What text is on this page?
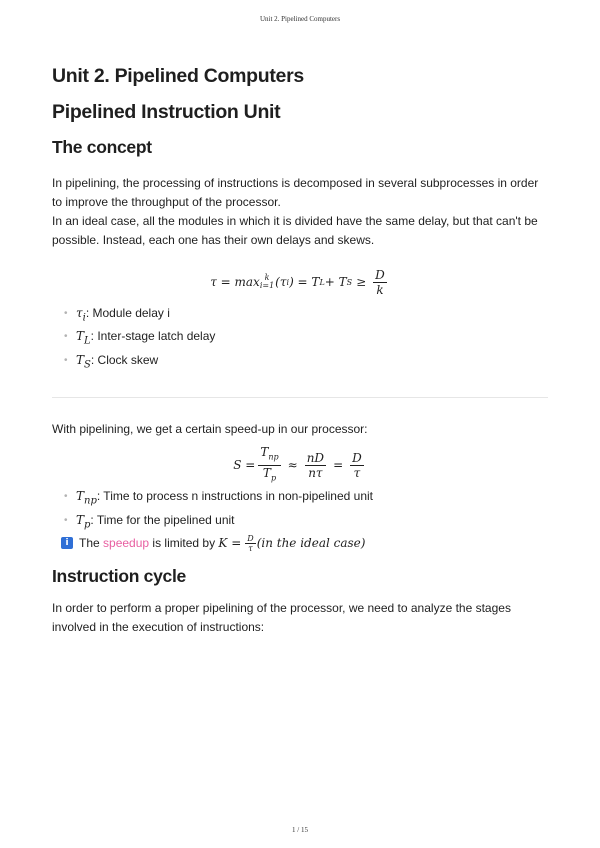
Unit 2. Pipelined Computers
Unit 2. Pipelined Computers
Pipelined Instruction Unit
The concept

In pipelining, the processing of instructions is decomposed in several subprocesses in order to improve the throughput of the processor.

In an ideal case, all the modules in which it is divided have the same delay, but that can't be possible. Instead, each one has their own delays and skews.

τ = max k
i=1 (τ i ) = T L + T $S \ge \frac{D}{k}$
• $\tau_i$: Module delay i
• $T_L$: Inter-stage latch delay
• $T_S$: Clock skew

With pipelining, we get a certain speed-up in our processor:

$S = \frac{T_{np}}{T_p} \approx \frac{nD}{n\tau} = \frac{D}{\tau}$
• $T_{np}$: Time to process n instructions in non-pipelined unit
• $T_p$: Time for the pipelined unit
i The speedup is limited by $K = \frac{D}{\tau} (in$ the ideal case)
Instruction cycle

In order to perform a proper pipelining of the processor, we need to analyze the stages involved in the execution of instructions:

1 / 15
